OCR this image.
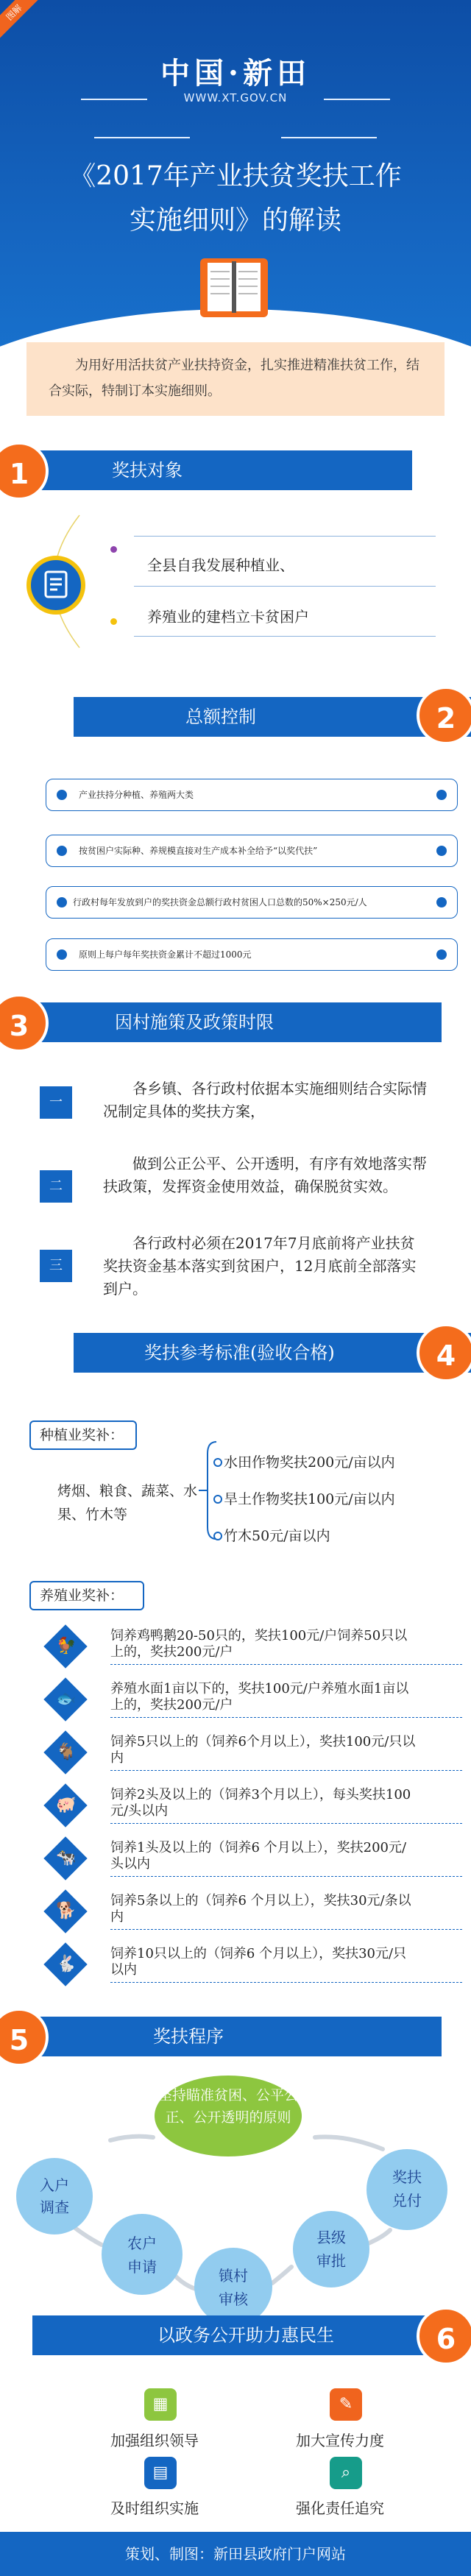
图解
中国·新田
WWW.XT.GOV.CN
《2017年产业扶贫奖扶工作
实施细则》的解读
为用好用活扶贫产业扶持资金，扎实推进精准扶贫工作，结合实际，特制订本实施细则。
奖扶对象
1
全县自我发展种植业、
养殖业的建档立卡贫困户
总额控制	2
产业扶持分种植、养殖两大类
按贫困户实际种、养规模直接对生产成本补全给予“以奖代扶”
行政村每年发放到户的奖扶资金总额行政村贫困人口总数的50%×250元/人
原则上每户每年奖扶资金累计不超过1000元
因村施策及政策时限
3
一
各乡镇、各行政村依据本实施细则结合实际情况制定具体的奖扶方案，
二
做到公正公平、公开透明，有序有效地落实帮扶政策，发挥资金使用效益，确保脱贫实效。
三
各行政村必须在2017年7月底前将产业扶贫奖扶资金基本落实到贫困户，12月底前全部落实到户。
奖扶参考标准(验收合格)	4
种植业奖补：
烤烟、粮食、蔬菜、水果、竹木等
水田作物奖扶200元/亩以内
旱土作物奖扶100元/亩以内
竹木50元/亩以内
养殖业奖补：
🐓
饲养鸡鸭鹅20-50只的，奖扶100元/户饲养50只以上的，奖扶200元/户
🐟
养殖水面1亩以下的，奖扶100元/户养殖水面1亩以上的，奖扶200元/户
🐐
饲养5只以上的（饲养6个月以上），奖扶100元/只以内
🐖
饲养2头及以上的（饲养3个月以上），每头奖扶100元/头以内
🐄
饲养1头及以上的（饲养6 个月以上），奖扶200元/头以内
🐕
饲养5条以上的（饲养6 个月以上），奖扶30元/条以内
🐇
饲养10只以上的（饲养6 个月以上），奖扶30元/只以内
奖扶程序
5
坚持瞄准贫困、公平公正、公开透明的原则
入户调查
农户申请	镇村审核
县级审批
奖扶兑付
以政务公开助力惠民生	6
▦
加强组织领导
✎
加大宣传力度
▤
及时组织实施
⌕
强化责任追究
策划、制图：新田县政府门户网站
